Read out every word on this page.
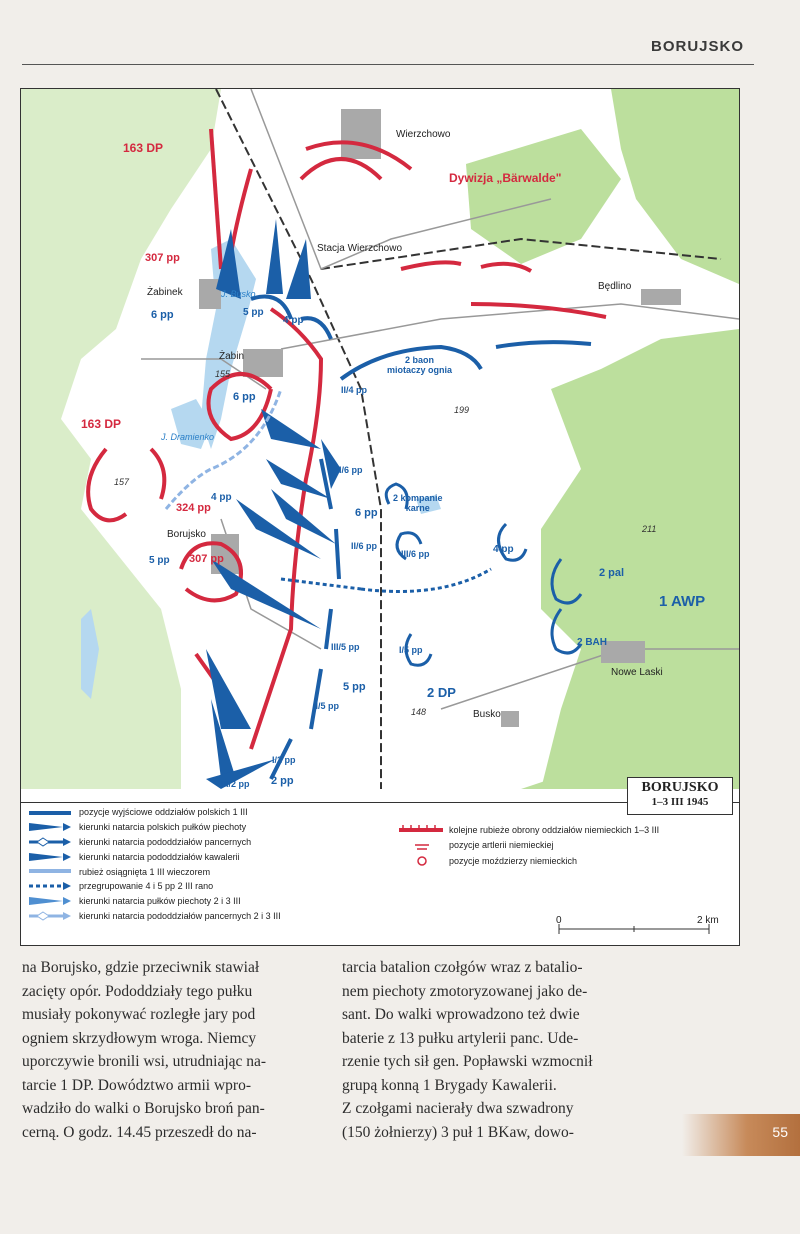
BORUJSKO
Wierzchowo
Stacja Wierzchowo
Żabinek
Żabin
Borujsko
Będlino
Nowe Laski
Busko
J. Busko
J. Dramienko
155
199
157
211
148
163 DP
163 DP
Dywizja „Bärwalde"
307 pp
324 pp
307 pp
6 pp	5 pp
4 pp
6 pp
2 baon
miotaczy ognia
II/4 pp
I/6 pp
6 pp
2 kompanie
karne
II/6 pp
III/6 pp	4 pp
4 pp
5 pp
III/5 pp	I/5 pp
5 pp
II/5 pp
2 DP
I/2 pp
III/2 pp 2 pp
2 pal
1 AWP
2 BAH
BORUJSKO
1–3 III 1945
pozycje wyjściowe oddziałów polskich 1 III
kierunki natarcia polskich pułków piechoty
kierunki natarcia pododdziałów pancernych
kierunki natarcia pododdziałów kawalerii
rubież osiągnięta 1 III wieczorem
przegrupowanie 4 i 5 pp 2 III rano
kierunki natarcia pułków piechoty 2 i 3 III
kierunki natarcia pododdziałów pancernych 2 i 3 III
kolejne rubieże obrony oddziałów niemieckich 1–3 III
pozycje artlerii niemieckiej
pozycje moździerzy niemieckich
0	2 km

na Borujsko, gdzie przeciwnik stawiał

zacięty opór. Pododdziały tego pułku

musiały pokonywać rozległe jary pod

ogniem skrzydłowym wroga. Niemcy

uporczywie bronili wsi, utrudniając na-

tarcie 1 DP. Dowództwo armii wpro-

wadziło do walki o Borujsko broń pan-

cerną. O godz. 14.45 przeszedł do na-

tarcia batalion czołgów wraz z batalio-

nem piechoty zmotoryzowanej jako de-

sant. Do walki wprowadzono też dwie

baterie z 13 pułku artylerii panc. Ude-

rzenie tych sił gen. Popławski wzmocnił

grupą konną 1 Brygady Kawalerii.

Z czołgami nacierały dwa szwadrony

(150 żołnierzy) 3 puł 1 BKaw, dowo-	55
